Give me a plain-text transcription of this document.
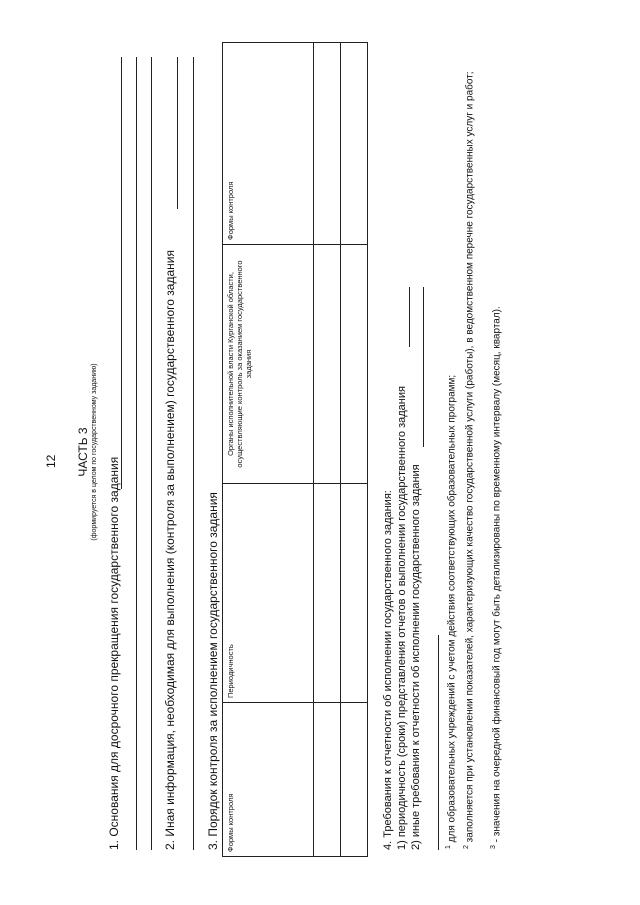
12 ЧАСТЬ 3 (формируется в целом по государственному заданию)
1. Основания для досрочного прекращения государственного задания	2. Иная информация, необходимая для выполнения (контроля за выполнением) государственного задания 3. Порядок контроля за исполнением государственного задания Формы контроля	Периодичность	Органы исполнительной власти Курганской области, осуществляющие контроль за оказанием государственного задания	Формы контроля

4. Требования к отчетности об исполнении государственного задания: 1) периодичность (сроки) представления отчетов о выполнении государственного задания 2) иные требования к отчетности об исполнении государственного задания	$^1$ для образовательных учреждений с учетом действия соответствующих образовательных программ;
$^2$ заполняется при установлении показателей, характеризующих качество государственной услуги (работы), в ведомственном перечне государственных услуг и работ;
$^3$ - значения на очередной финансовый год могут быть детализированы по временному интервалу (месяц, квартал).
